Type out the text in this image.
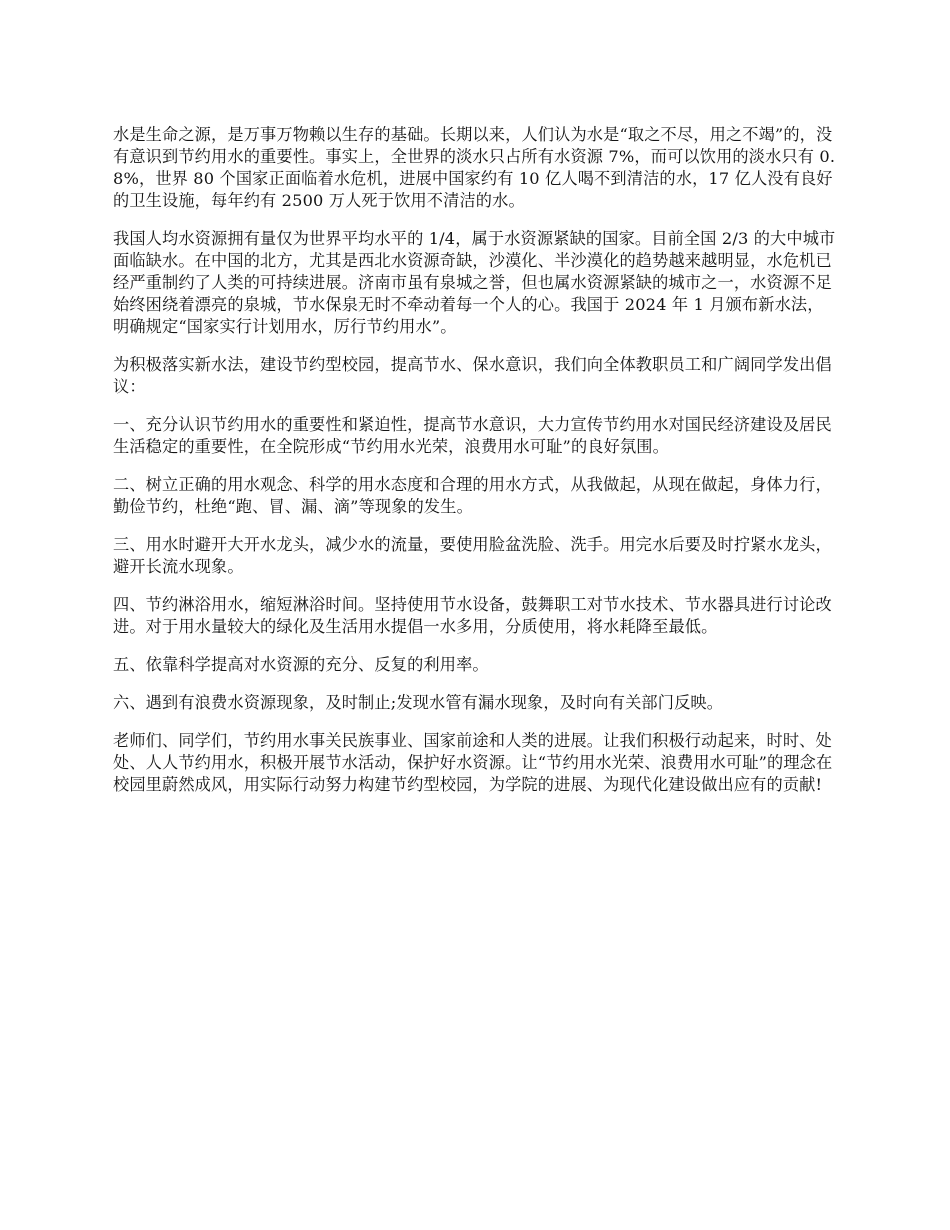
水是生命之源，是万事万物赖以生存的基础。长期以来，人们认为水是“取之不尽，用之不竭”的，没有意识到节约用水的重要性。事实上，全世界的淡水只占所有水资源 7%，而可以饮用的淡水只有 0.8%，世界 80 个国家正面临着水危机，进展中国家约有 10 亿人喝不到清洁的水，17 亿人没有良好的卫生设施，每年约有 2500 万人死于饮用不清洁的水。

我国人均水资源拥有量仅为世界平均水平的 1/4，属于水资源紧缺的国家。目前全国 2/3 的大中城市面临缺水。在中国的北方，尤其是西北水资源奇缺，沙漠化、半沙漠化的趋势越来越明显，水危机已经严重制约了人类的可持续进展。济南市虽有泉城之誉，但也属水资源紧缺的城市之一，水资源不足始终困绕着漂亮的泉城，节水保泉无时不牵动着每一个人的心。我国于 2024 年 1 月颁布新水法，明确规定“国家实行计划用水，厉行节约用水”。

为积极落实新水法，建设节约型校园，提高节水、保水意识，我们向全体教职员工和广阔同学发出倡议：

一、充分认识节约用水的重要性和紧迫性，提高节水意识，大力宣传节约用水对国民经济建设及居民生活稳定的重要性，在全院形成“节约用水光荣，浪费用水可耻”的良好氛围。

二、树立正确的用水观念、科学的用水态度和合理的用水方式，从我做起，从现在做起，身体力行，勤俭节约，杜绝“跑、冒、漏、滴”等现象的发生。

三、用水时避开大开水龙头，减少水的流量，要使用脸盆洗脸、洗手。用完水后要及时拧紧水龙头，避开长流水现象。

四、节约淋浴用水，缩短淋浴时间。坚持使用节水设备，鼓舞职工对节水技术、节水器具进行讨论改进。对于用水量较大的绿化及生活用水提倡一水多用，分质使用，将水耗降至最低。

五、依靠科学提高对水资源的充分、反复的利用率。

六、遇到有浪费水资源现象，及时制止;发现水管有漏水现象，及时向有关部门反映。

老师们、同学们，节约用水事关民族事业、国家前途和人类的进展。让我们积极行动起来，时时、处处、人人节约用水，积极开展节水活动，保护好水资源。让“节约用水光荣、浪费用水可耻”的理念在校园里蔚然成风，用实际行动努力构建节约型校园，为学院的进展、为现代化建设做出应有的贡献!
